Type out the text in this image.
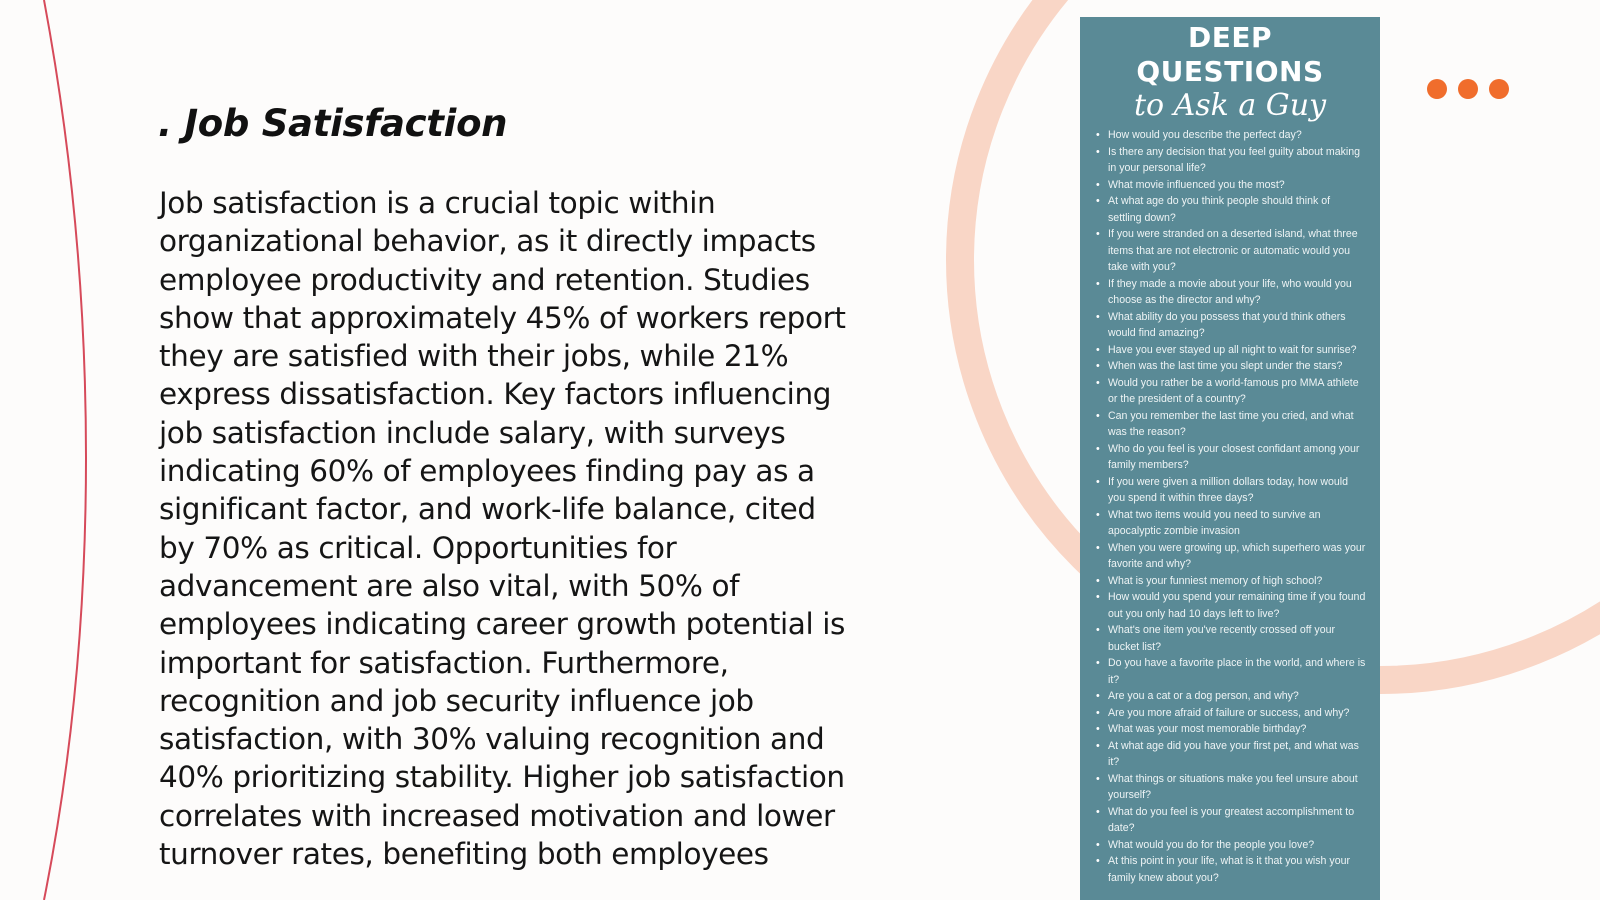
. Job Satisfaction

Job satisfaction is a crucial topic within organizational behavior, as it directly impacts employee productivity and retention. Studies show that approximately 45% of workers report they are satisfied with their jobs, while 21% express dissatisfaction. Key factors influencing job satisfaction include salary, with surveys indicating 60% of employees finding pay as a significant factor, and work-life balance, cited by 70% as critical. Opportunities for advancement are also vital, with 50% of employees indicating career growth potential is important for satisfaction. Furthermore, recognition and job security influence job satisfaction, with 30% valuing recognition and 40% prioritizing stability. Higher job satisfaction correlates with increased motivation and lower turnover rates, benefiting both employees

DEEP QUESTIONS
to Ask a Guy
• How would you describe the perfect day?
• Is there any decision that you feel guilty about making in your personal life?
• What movie influenced you the most?
• At what age do you think people should think of settling down?
• If you were stranded on a deserted island, what three items that are not electronic or automatic would you take with you?
• If they made a movie about your life, who would you choose as the director and why?
• What ability do you possess that you'd think others would find amazing?
• Have you ever stayed up all night to wait for sunrise?
• When was the last time you slept under the stars?
• Would you rather be a world-famous pro MMA athlete or the president of a country?
• Can you remember the last time you cried, and what was the reason?
• Who do you feel is your closest confidant among your family members?
• If you were given a million dollars today, how would you spend it within three days?
• What two items would you need to survive an apocalyptic zombie invasion
• When you were growing up, which superhero was your favorite and why?
• What is your funniest memory of high school?
• How would you spend your remaining time if you found out you only had 10 days left to live?
• What's one item you've recently crossed off your bucket list?
• Do you have a favorite place in the world, and where is it?
• Are you a cat or a dog person, and why?
• Are you more afraid of failure or success, and why?
• What was your most memorable birthday?
• At what age did you have your first pet, and what was it?
• What things or situations make you feel unsure about yourself?
• What do you feel is your greatest accomplishment to date?
• What would you do for the people you love?
• At this point in your life, what is it that you wish your family knew about you?
